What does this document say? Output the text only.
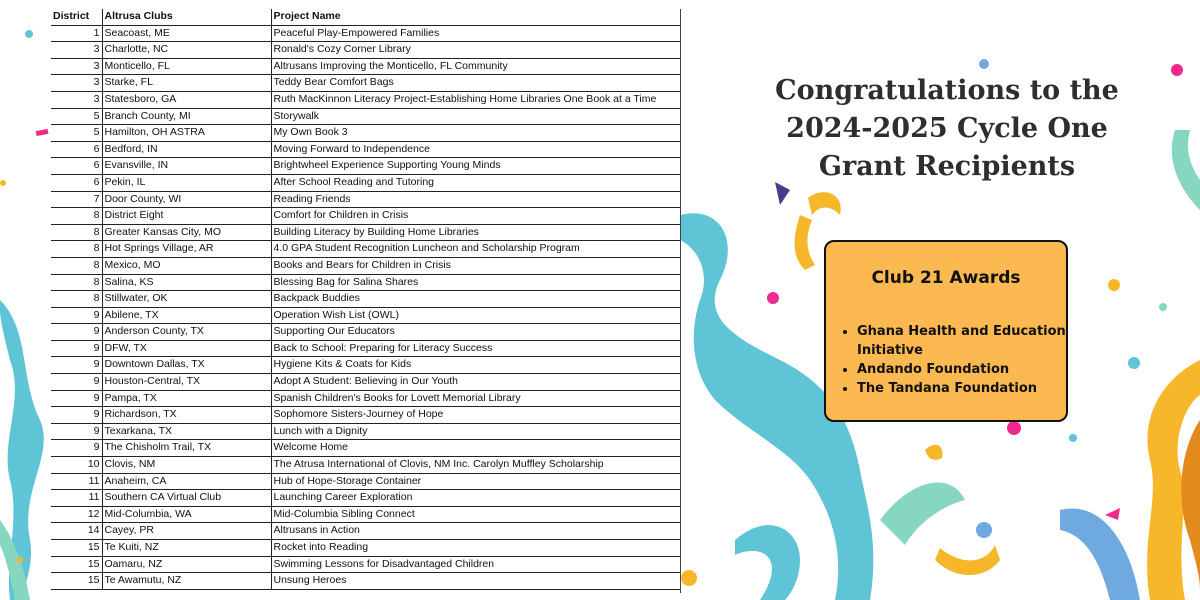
District	Altrusa Clubs	Project Name
1	Seacoast, ME	Peaceful Play-Empowered Families
3	Charlotte, NC	Ronald's Cozy Corner Library
3	Monticello, FL	Altrusans Improving the Monticello, FL Community
3	Starke, FL	Teddy Bear Comfort Bags
3	Statesboro, GA	Ruth MacKinnon Literacy Project-Establishing Home Libraries One Book at a Time
5	Branch County, MI	Storywalk
5	Hamilton, OH ASTRA	My Own Book 3
6	Bedford, IN	Moving Forward to Independence
6	Evansville, IN	Brightwheel Experience Supporting Young Minds
6	Pekin, IL	After School Reading and Tutoring
7	Door County, WI	Reading Friends
8	District Eight	Comfort for Children in Crisis
8	Greater Kansas City, MO	Building Literacy by Building Home Libraries
8	Hot Springs Village, AR	4.0 GPA Student Recognition Luncheon and Scholarship Program
8	Mexico, MO	Books and Bears for Children in Crisis
8	Salina, KS	Blessing Bag for Salina Shares
8	Stillwater, OK	Backpack Buddies
9	Abilene, TX	Operation Wish List (OWL)
9	Anderson County, TX	Supporting Our Educators
9	DFW, TX	Back to School: Preparing for Literacy Success
9	Downtown Dallas, TX	Hygiene Kits & Coats for Kids
9	Houston-Central, TX	Adopt A Student: Believing in Our Youth
9	Pampa, TX	Spanish Children's Books for Lovett Memorial Library
9	Richardson, TX	Sophomore Sisters-Journey of Hope
9	Texarkana, TX	Lunch with a Dignity
9	The Chisholm Trail, TX	Welcome Home
10	Clovis, NM	The Atrusa International of Clovis, NM Inc. Carolyn Muffley Scholarship
11	Anaheim, CA	Hub of Hope-Storage Container
11	Southern CA Virtual Club	Launching Career Exploration
12	Mid-Columbia, WA	Mid-Columbia Sibling Connect
14	Cayey, PR	Altrusans in Action
15	Te Kuiti, NZ	Rocket into Reading
15	Oamaru, NZ	Swimming Lessons for Disadvantaged Children
15	Te Awamutu, NZ	Unsung Heroes
Congratulations to the
2024-2025 Cycle One
Grant Recipients
Club 21 Awards
• Ghana Health and Education Initiative
• Andando Foundation
• The Tandana Foundation
